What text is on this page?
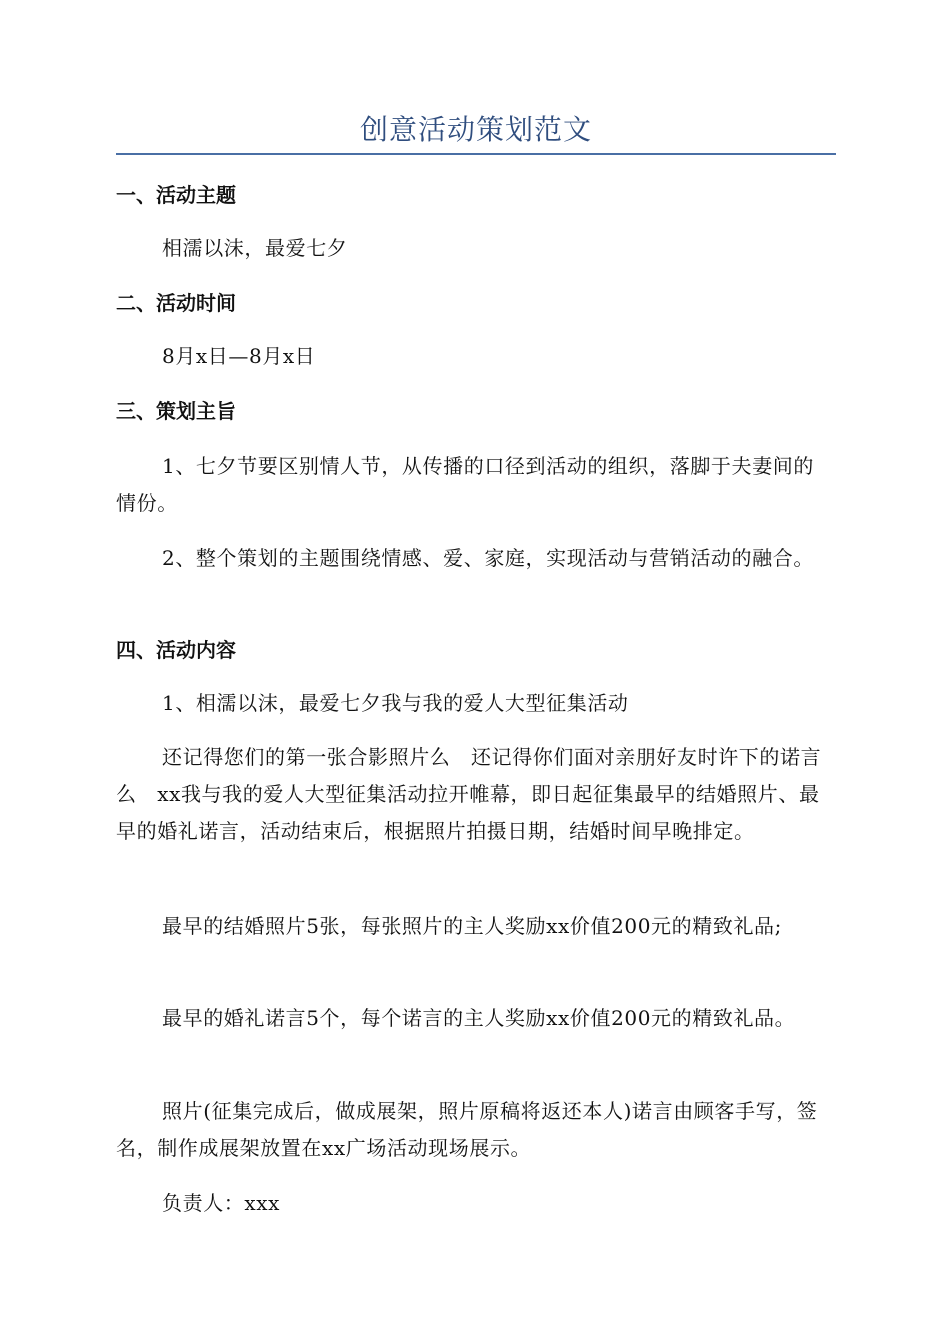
创意活动策划范文
一、活动主题
相濡以沫，最爱七夕
二、活动时间
8月x日—8月x日
三、策划主旨
1、七夕节要区别情人节，从传播的口径到活动的组织，落脚于夫妻间的情份。
2、整个策划的主题围绕情感、爱、家庭，实现活动与营销活动的融合。
四、活动内容
1、相濡以沫，最爱七夕我与我的爱人大型征集活动
还记得您们的第一张合影照片么　还记得你们面对亲朋好友时许下的诺言么　xx我与我的爱人大型征集活动拉开帷幕，即日起征集最早的结婚照片、最早的婚礼诺言，活动结束后，根据照片拍摄日期，结婚时间早晚排定。
最早的结婚照片5张，每张照片的主人奖励xx价值200元的精致礼品;
最早的婚礼诺言5个，每个诺言的主人奖励xx价值200元的精致礼品。
照片(征集完成后，做成展架，照片原稿将返还本人)诺言由顾客手写，签名，制作成展架放置在xx广场活动现场展示。
负责人：xxx
